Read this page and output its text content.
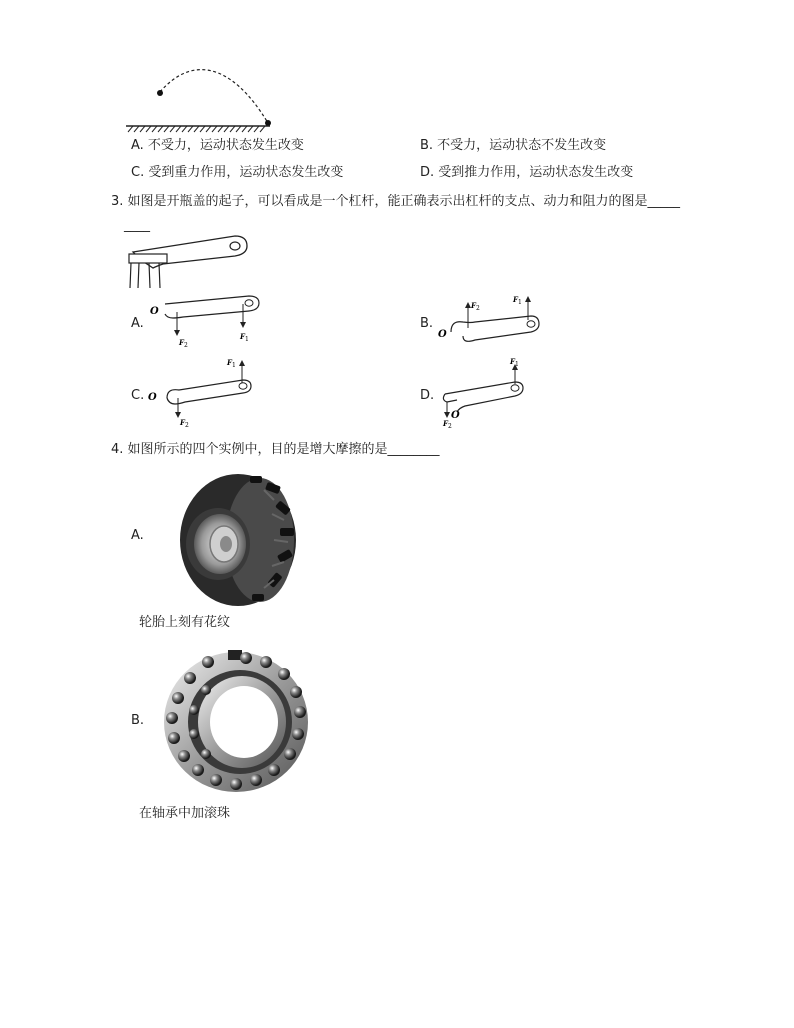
A. 不受力，运动状态发生改变	B. 不受力，运动状态不发生改变
C. 受到重力作用，运动状态发生改变	D. 受到推力作用，运动状态发生改变
3. 如图是开瓶盖的起子，可以看成是一个杠杆，能正确表示出杠杆的支点、动力和阻力的图是_____
____
A.
O
F 2
F 1
B.
O
F 2
F 1
C. O
F 2
F 1
D.
O
F 2
F 1
4. 如图所示的四个实例中，目的是增大摩擦的是________
A.
轮胎上刻有花纹
B.
在轴承中加滚珠
